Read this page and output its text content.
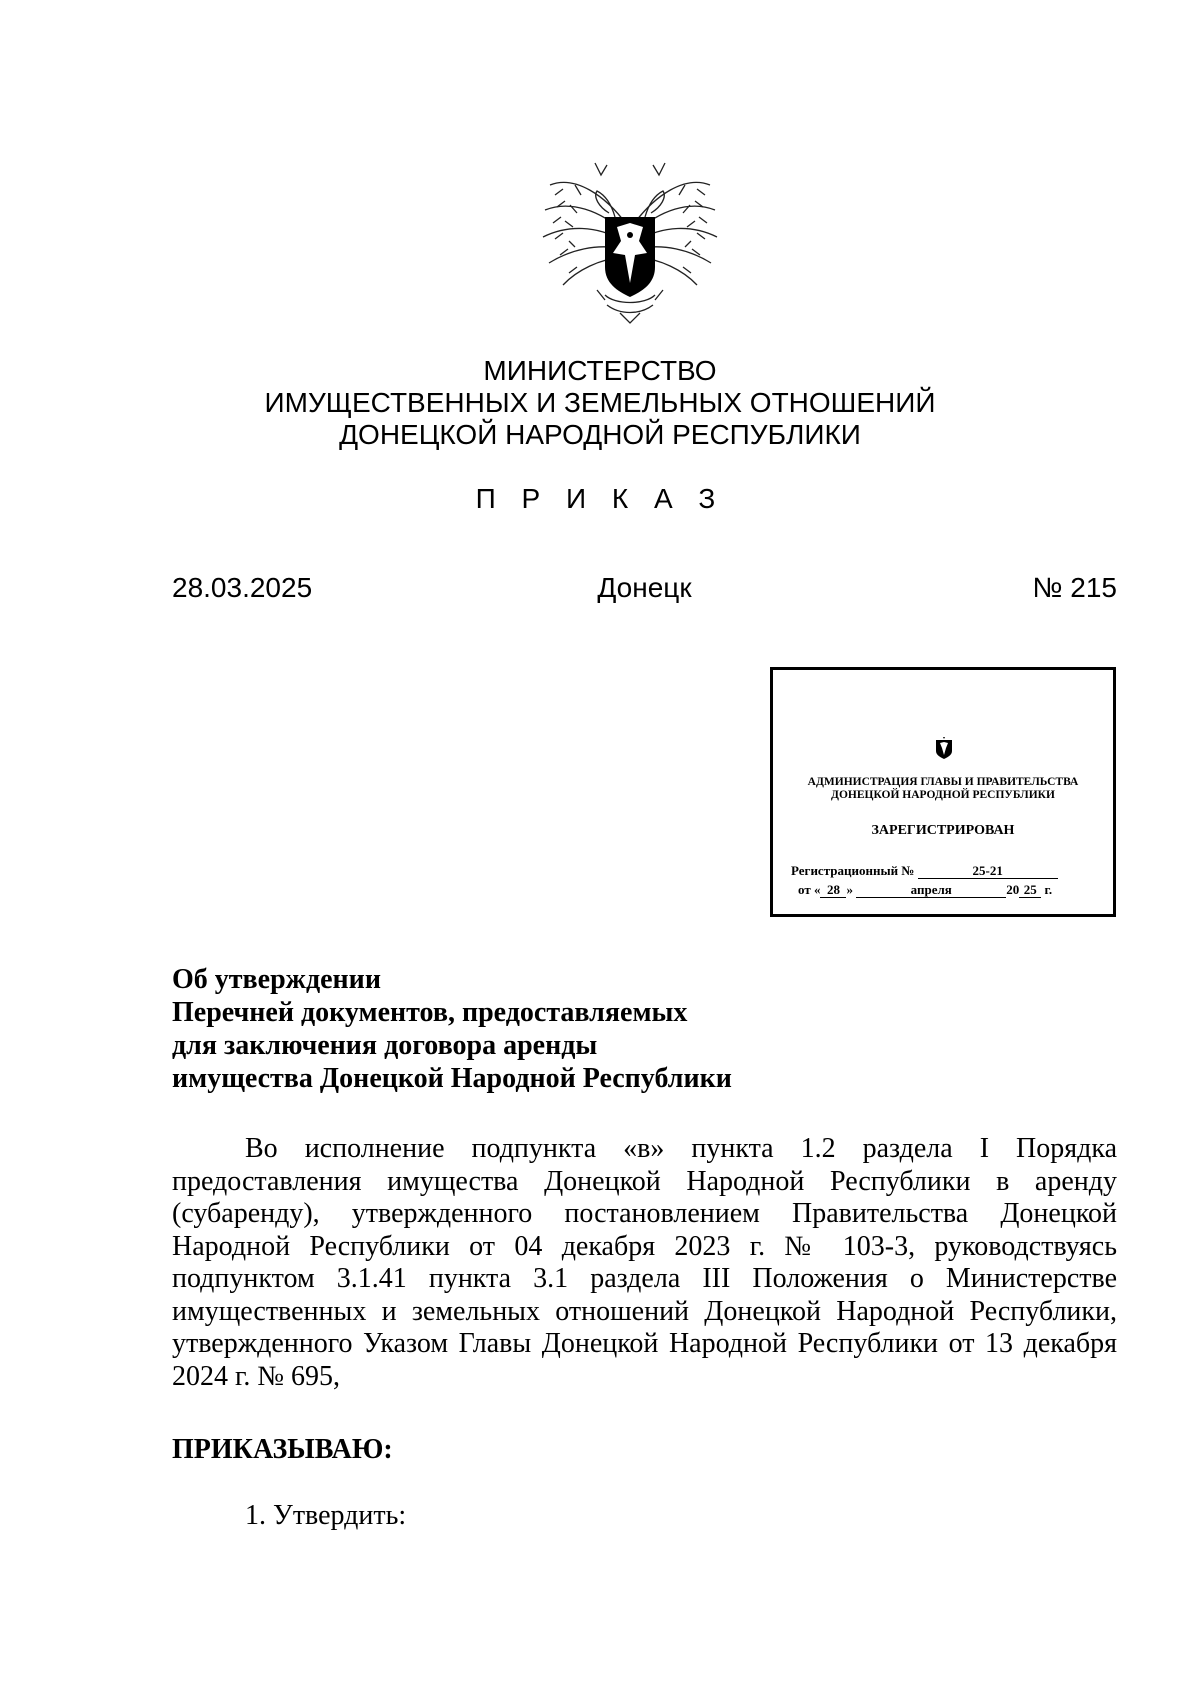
МИНИСТЕРСТВО
ИМУЩЕСТВЕННЫХ И ЗЕМЕЛЬНЫХ ОТНОШЕНИЙ
ДОНЕЦКОЙ НАРОДНОЙ РЕСПУБЛИКИ
П Р И К А З
28.03.2025	Донецк	№ 215
АДМИНИСТРАЦИЯ ГЛАВЫ И ПРАВИТЕЛЬСТВА
ДОНЕЦКОЙ НАРОДНОЙ РЕСПУБЛИКИ
ЗАРЕГИСТРИРОВАН
Регистрационный №	25-21
от « 28 »	апреля	20 25 г.
Об утверждении
Перечней документов, предоставляемых
для заключения договора аренды
имущества Донецкой Народной Республики

Во исполнение подпункта «в» пункта 1.2 раздела I Порядка предоставления имущества Донецкой Народной Республики в аренду (субаренду), утвержденного постановлением Правительства Донецкой Народной Республики от 04 декабря 2023 г. № 103-3, руководствуясь подпунктом 3.1.41 пункта 3.1 раздела III Положения о Министерстве имущественных и земельных отношений Донецкой Народной Республики, утвержденного Указом Главы Донецкой Народной Республики от 13 декабря 2024 г. № 695,

ПРИКАЗЫВАЮ:
1. Утвердить:
